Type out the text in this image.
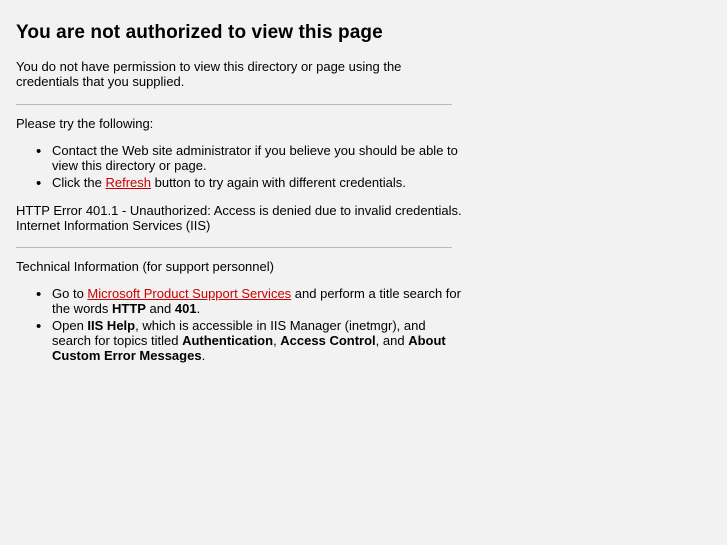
You are not authorized to view this page

You do not have permission to view this directory or page using the credentials that you supplied.

Please try the following:

• Contact the Web site administrator if you believe you should be able to view this directory or page.
• Click the Refresh button to try again with different credentials.

HTTP Error 401.1 - Unauthorized: Access is denied due to invalid credentials.

Internet Information Services (IIS)

Technical Information (for support personnel)

• Go to Microsoft Product Support Services and perform a title search for the words HTTP and 401.
• Open IIS Help, which is accessible in IIS Manager (inetmgr), and search for topics titled Authentication, Access Control, and About Custom Error Messages.
